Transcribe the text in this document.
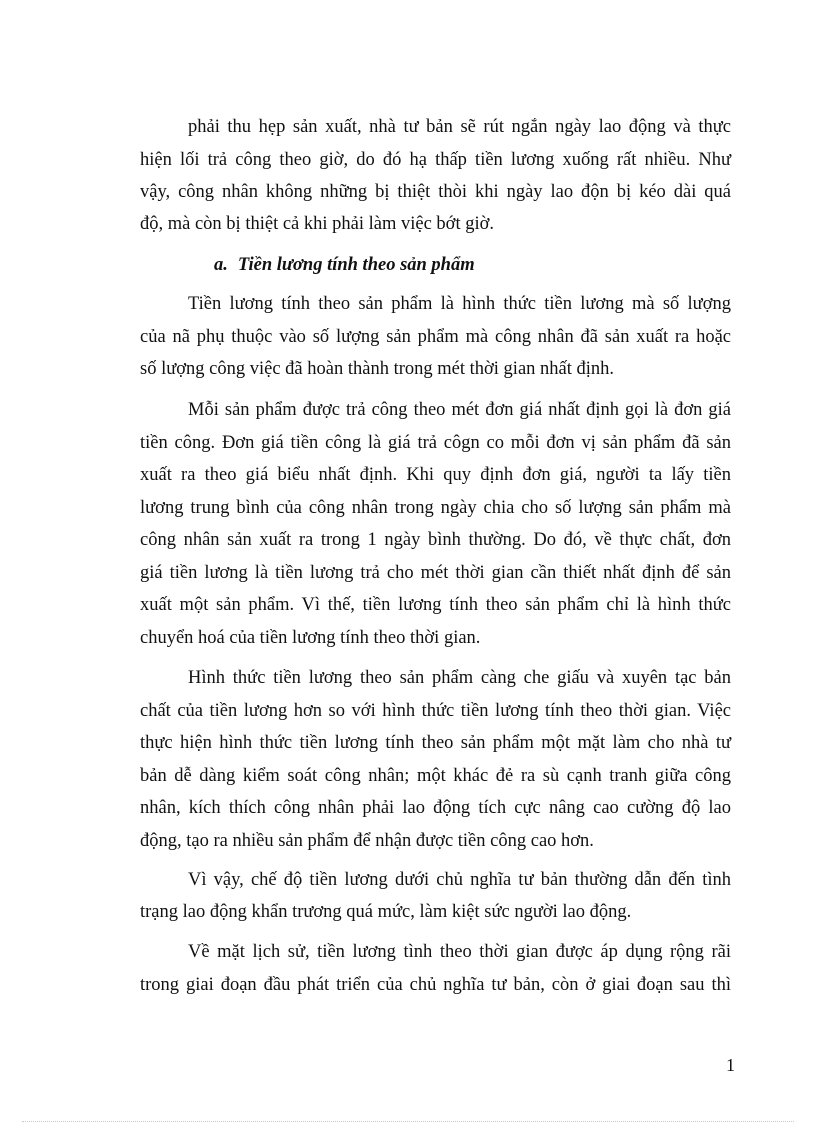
phải thu hẹp sản xuất, nhà tư bản sẽ rút ngắn ngày lao động và thực
hiện lối trả công theo giờ, do đó hạ thấp tiền lương xuống rất nhiều. Như
vậy, công nhân không những bị thiệt thòi khi ngày lao độn bị kéo dài quá
độ, mà còn bị thiệt cả khi phải làm việc bớt giờ.
a. Tiền lương tính theo sản phẩm
Tiền lương tính theo sản phẩm là hình thức tiền lương mà số lượng
của nã phụ thuộc vào số lượng sản phẩm mà công nhân đã sản xuất ra hoặc
số lượng công việc đã hoàn thành trong mét thời gian nhất định.
Mỗi sản phẩm được trả công theo mét đơn giá nhất định gọi là đơn giá
tiền công. Đơn giá tiền công là giá trả côgn co mỗi đơn vị sản phẩm đã sản
xuất ra theo giá biểu nhất định. Khi quy định đơn giá, người ta lấy tiền
lương trung bình của công nhân trong ngày chia cho số lượng sản phẩm mà
công nhân sản xuất ra trong 1 ngày bình thường. Do đó, về thực chất, đơn
giá tiền lương là tiền lương trả cho mét thời gian cần thiết nhất định để sản
xuất một sản phẩm. Vì thế, tiền lương tính theo sản phẩm chỉ là hình thức
chuyển hoá của tiền lương tính theo thời gian.
Hình thức tiền lương theo sản phẩm càng che giấu và xuyên tạc bản
chất của tiền lương hơn so với hình thức tiền lương tính theo thời gian. Việc
thực hiện hình thức tiền lương tính theo sản phẩm một mặt làm cho nhà tư
bản dễ dàng kiểm soát công nhân; một khác đẻ ra sù cạnh tranh giữa công
nhân, kích thích công nhân phải lao động tích cực nâng cao cường độ lao
động, tạo ra nhiều sản phẩm để nhận được tiền công cao hơn.
Vì vậy, chế độ tiền lương dưới chủ nghĩa tư bản thường dẫn đến tình
trạng lao động khẩn trương quá mức, làm kiệt sức người lao động.
Về mặt lịch sử, tiền lương tình theo thời gian được áp dụng rộng rãi
trong giai đoạn đầu phát triển của chủ nghĩa tư bản, còn ở giai đoạn sau thì
1
